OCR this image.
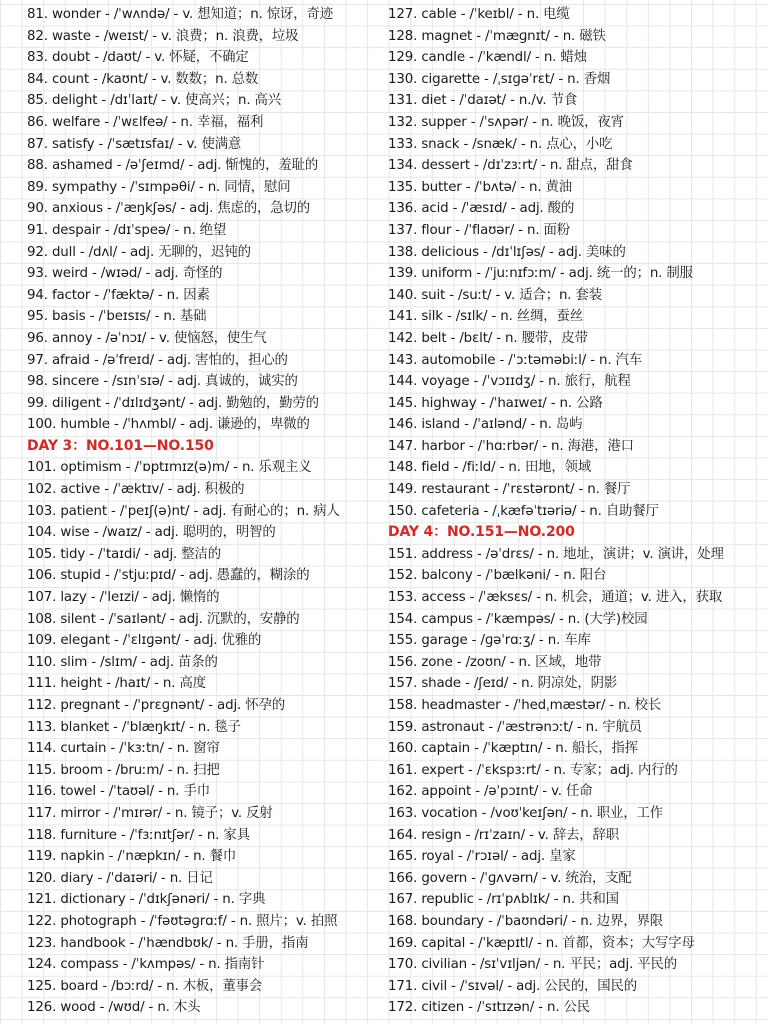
81. wonder - /ˈwʌndə/ - v. 想知道；n. 惊讶，奇迹
82. waste - /weɪst/ - v. 浪费；n. 浪费，垃圾
83. doubt - /daʊt/ - v. 怀疑，不确定
84. count - /kaʊnt/ - v. 数数；n. 总数
85. delight - /dɪˈlaɪt/ - v. 使高兴；n. 高兴
86. welfare - /ˈwɛlfeə/ - n. 幸福，福利
87. satisfy - /ˈsætɪsfaɪ/ - v. 使满意
88. ashamed - /əˈʃeɪmd/ - adj. 惭愧的，羞耻的
89. sympathy - /ˈsɪmpəθi/ - n. 同情，慰问
90. anxious - /ˈæŋkʃəs/ - adj. 焦虑的，急切的
91. despair - /dɪˈspeə/ - n. 绝望
92. dull - /dʌl/ - adj. 无聊的，迟钝的
93. weird - /wɪəd/ - adj. 奇怪的
94. factor - /ˈfæktə/ - n. 因素
95. basis - /ˈbeɪsɪs/ - n. 基础
96. annoy - /əˈnɔɪ/ - v. 使恼怒，使生气
97. afraid - /əˈfreɪd/ - adj. 害怕的，担心的
98. sincere - /sɪnˈsɪə/ - adj. 真诚的，诚实的
99. diligent - /ˈdɪlɪdʒənt/ - adj. 勤勉的，勤劳的
100. humble - /ˈhʌmbl/ - adj. 谦逊的，卑微的
DAY 3：NO.101—NO.150
101. optimism - /ˈɒptɪmɪz(ə)m/ - n. 乐观主义
102. active - /ˈæktɪv/ - adj. 积极的
103. patient - /ˈpeɪʃ(ə)nt/ - adj. 有耐心的；n. 病人
104. wise - /waɪz/ - adj. 聪明的，明智的
105. tidy - /ˈtaɪdi/ - adj. 整洁的
106. stupid - /ˈstjuːpɪd/ - adj. 愚蠢的，糊涂的
107. lazy - /ˈleɪzi/ - adj. 懒惰的
108. silent - /ˈsaɪlənt/ - adj. 沉默的，安静的
109. elegant - /ˈɛlɪɡənt/ - adj. 优雅的
110. slim - /slɪm/ - adj. 苗条的
111. height - /haɪt/ - n. 高度
112. pregnant - /ˈprɛɡnənt/ - adj. 怀孕的
113. blanket - /ˈblæŋkɪt/ - n. 毯子
114. curtain - /ˈkɜːtn/ - n. 窗帘
115. broom - /bruːm/ - n. 扫把
116. towel - /ˈtaʊəl/ - n. 手巾
117. mirror - /ˈmɪrər/ - n. 镜子；v. 反射
118. furniture - /ˈfɜːnɪtʃər/ - n. 家具
119. napkin - /ˈnæpkɪn/ - n. 餐巾
120. diary - /ˈdaɪəri/ - n. 日记
121. dictionary - /ˈdɪkʃənəri/ - n. 字典
122. photograph - /ˈfəʊtəɡrɑːf/ - n. 照片；v. 拍照
123. handbook - /ˈhændbʊk/ - n. 手册，指南
124. compass - /ˈkʌmpəs/ - n. 指南针
125. board - /bɔːrd/ - n. 木板，董事会
126. wood - /wʊd/ - n. 木头
127. cable - /ˈkeɪbl/ - n. 电缆
128. magnet - /ˈmæɡnɪt/ - n. 磁铁
129. candle - /ˈkændl/ - n. 蜡烛
130. cigarette - /ˌsɪɡəˈrɛt/ - n. 香烟
131. diet - /ˈdaɪət/ - n./v. 节食
132. supper - /ˈsʌpər/ - n. 晚饭，夜宵
133. snack - /snæk/ - n. 点心，小吃
134. dessert - /dɪˈzɜːrt/ - n. 甜点，甜食
135. butter - /ˈbʌtə/ - n. 黄油
136. acid - /ˈæsɪd/ - adj. 酸的
137. flour - /ˈflaʊər/ - n. 面粉
138. delicious - /dɪˈlɪʃəs/ - adj. 美味的
139. uniform - /ˈjuːnɪfɔːm/ - adj. 统一的；n. 制服
140. suit - /suːt/ - v. 适合；n. 套装
141. silk - /sɪlk/ - n. 丝绸，蚕丝
142. belt - /bɛlt/ - n. 腰带，皮带
143. automobile - /ˈɔːtəməbiːl/ - n. 汽车
144. voyage - /ˈvɔɪɪdʒ/ - n. 旅行，航程
145. highway - /ˈhaɪweɪ/ - n. 公路
146. island - /ˈaɪlənd/ - n. 岛屿
147. harbor - /ˈhɑːrbər/ - n. 海港，港口
148. field - /fiːld/ - n. 田地，领域
149. restaurant - /ˈrɛstərɒnt/ - n. 餐厅
150. cafeteria - /ˌkæfəˈtɪəriə/ - n. 自助餐厅
DAY 4：NO.151—NO.200
151. address - /əˈdrɛs/ - n. 地址，演讲；v. 演讲，处理
152. balcony - /ˈbælkəni/ - n. 阳台
153. access - /ˈæksɛs/ - n. 机会，通道；v. 进入，获取
154. campus - /ˈkæmpəs/ - n. (大学)校园
155. garage - /ɡəˈrɑːʒ/ - n. 车库
156. zone - /zoʊn/ - n. 区域，地带
157. shade - /ʃeɪd/ - n. 阴凉处，阴影
158. headmaster - /ˈhedˌmæstər/ - n. 校长
159. astronaut - /ˈæstrənɔːt/ - n. 宇航员
160. captain - /ˈkæptɪn/ - n. 船长，指挥
161. expert - /ˈɛkspɜːrt/ - n. 专家；adj. 内行的
162. appoint - /əˈpɔɪnt/ - v. 任命
163. vocation - /voʊˈkeɪʃən/ - n. 职业，工作
164. resign - /rɪˈzaɪn/ - v. 辞去，辞职
165. royal - /ˈrɔɪəl/ - adj. 皇家
166. govern - /ˈɡʌvərn/ - v. 统治，支配
167. republic - /rɪˈpʌblɪk/ - n. 共和国
168. boundary - /ˈbaʊndəri/ - n. 边界，界限
169. capital - /ˈkæpɪtl/ - n. 首都，资本；大写字母
170. civilian - /sɪˈvɪljən/ - n. 平民；adj. 平民的
171. civil - /ˈsɪvəl/ - adj. 公民的，国民的
172. citizen - /ˈsɪtɪzən/ - n. 公民
